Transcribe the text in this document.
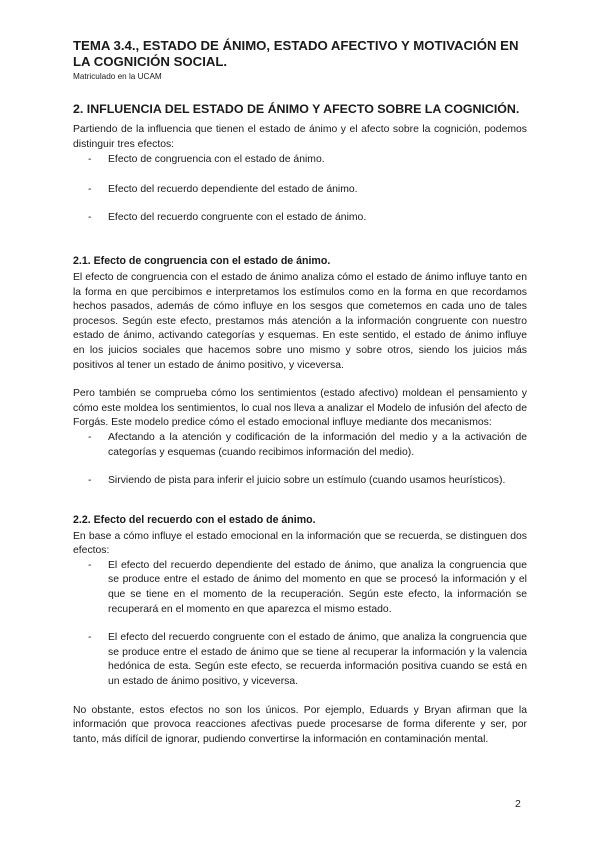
TEMA 3.4., ESTADO DE ÁNIMO, ESTADO AFECTIVO Y MOTIVACIÓN EN LA COGNICIÓN SOCIAL.
Matriculado en la UCAM
2. INFLUENCIA DEL ESTADO DE ÁNIMO Y AFECTO SOBRE LA COGNICIÓN.

Partiendo de la influencia que tienen el estado de ánimo y el afecto sobre la cognición, podemos distinguir tres efectos:

- Efecto de congruencia con el estado de ánimo.
- Efecto del recuerdo dependiente del estado de ánimo.
- Efecto del recuerdo congruente con el estado de ánimo.
2.1. Efecto de congruencia con el estado de ánimo.

El efecto de congruencia con el estado de ánimo analiza cómo el estado de ánimo influye tanto en la forma en que percibimos e interpretamos los estímulos como en la forma en que recordamos hechos pasados, además de cómo influye en los sesgos que cometemos en cada uno de tales procesos. Según este efecto, prestamos más atención a la información congruente con nuestro estado de ánimo, activando categorías y esquemas. En este sentido, el estado de ánimo influye en los juicios sociales que hacemos sobre uno mismo y sobre otros, siendo los juicios más positivos al tener un estado de ánimo positivo, y viceversa.

Pero también se comprueba cómo los sentimientos (estado afectivo) moldean el pensamiento y cómo este moldea los sentimientos, lo cual nos lleva a analizar el Modelo de infusión del afecto de Forgás. Este modelo predice cómo el estado emocional influye mediante dos mecanismos:

- Afectando a la atención y codificación de la información del medio y a la activación de categorías y esquemas (cuando recibimos información del medio).
- Sirviendo de pista para inferir el juicio sobre un estímulo (cuando usamos heurísticos).
2.2. Efecto del recuerdo con el estado de ánimo.

En base a cómo influye el estado emocional en la información que se recuerda, se distinguen dos efectos:

- El efecto del recuerdo dependiente del estado de ánimo, que analiza la congruencia que se produce entre el estado de ánimo del momento en que se procesó la información y el que se tiene en el momento de la recuperación. Según este efecto, la información se recuperará en el momento en que aparezca el mismo estado.
- El efecto del recuerdo congruente con el estado de ánimo, que analiza la congruencia que se produce entre el estado de ánimo que se tiene al recuperar la información y la valencia hedónica de esta. Según este efecto, se recuerda información positiva cuando se está en un estado de ánimo positivo, y viceversa.

No obstante, estos efectos no son los únicos. Por ejemplo, Eduards y Bryan afirman que la información que provoca reacciones afectivas puede procesarse de forma diferente y ser, por tanto, más difícil de ignorar, pudiendo convertirse la información en contaminación mental.

2
